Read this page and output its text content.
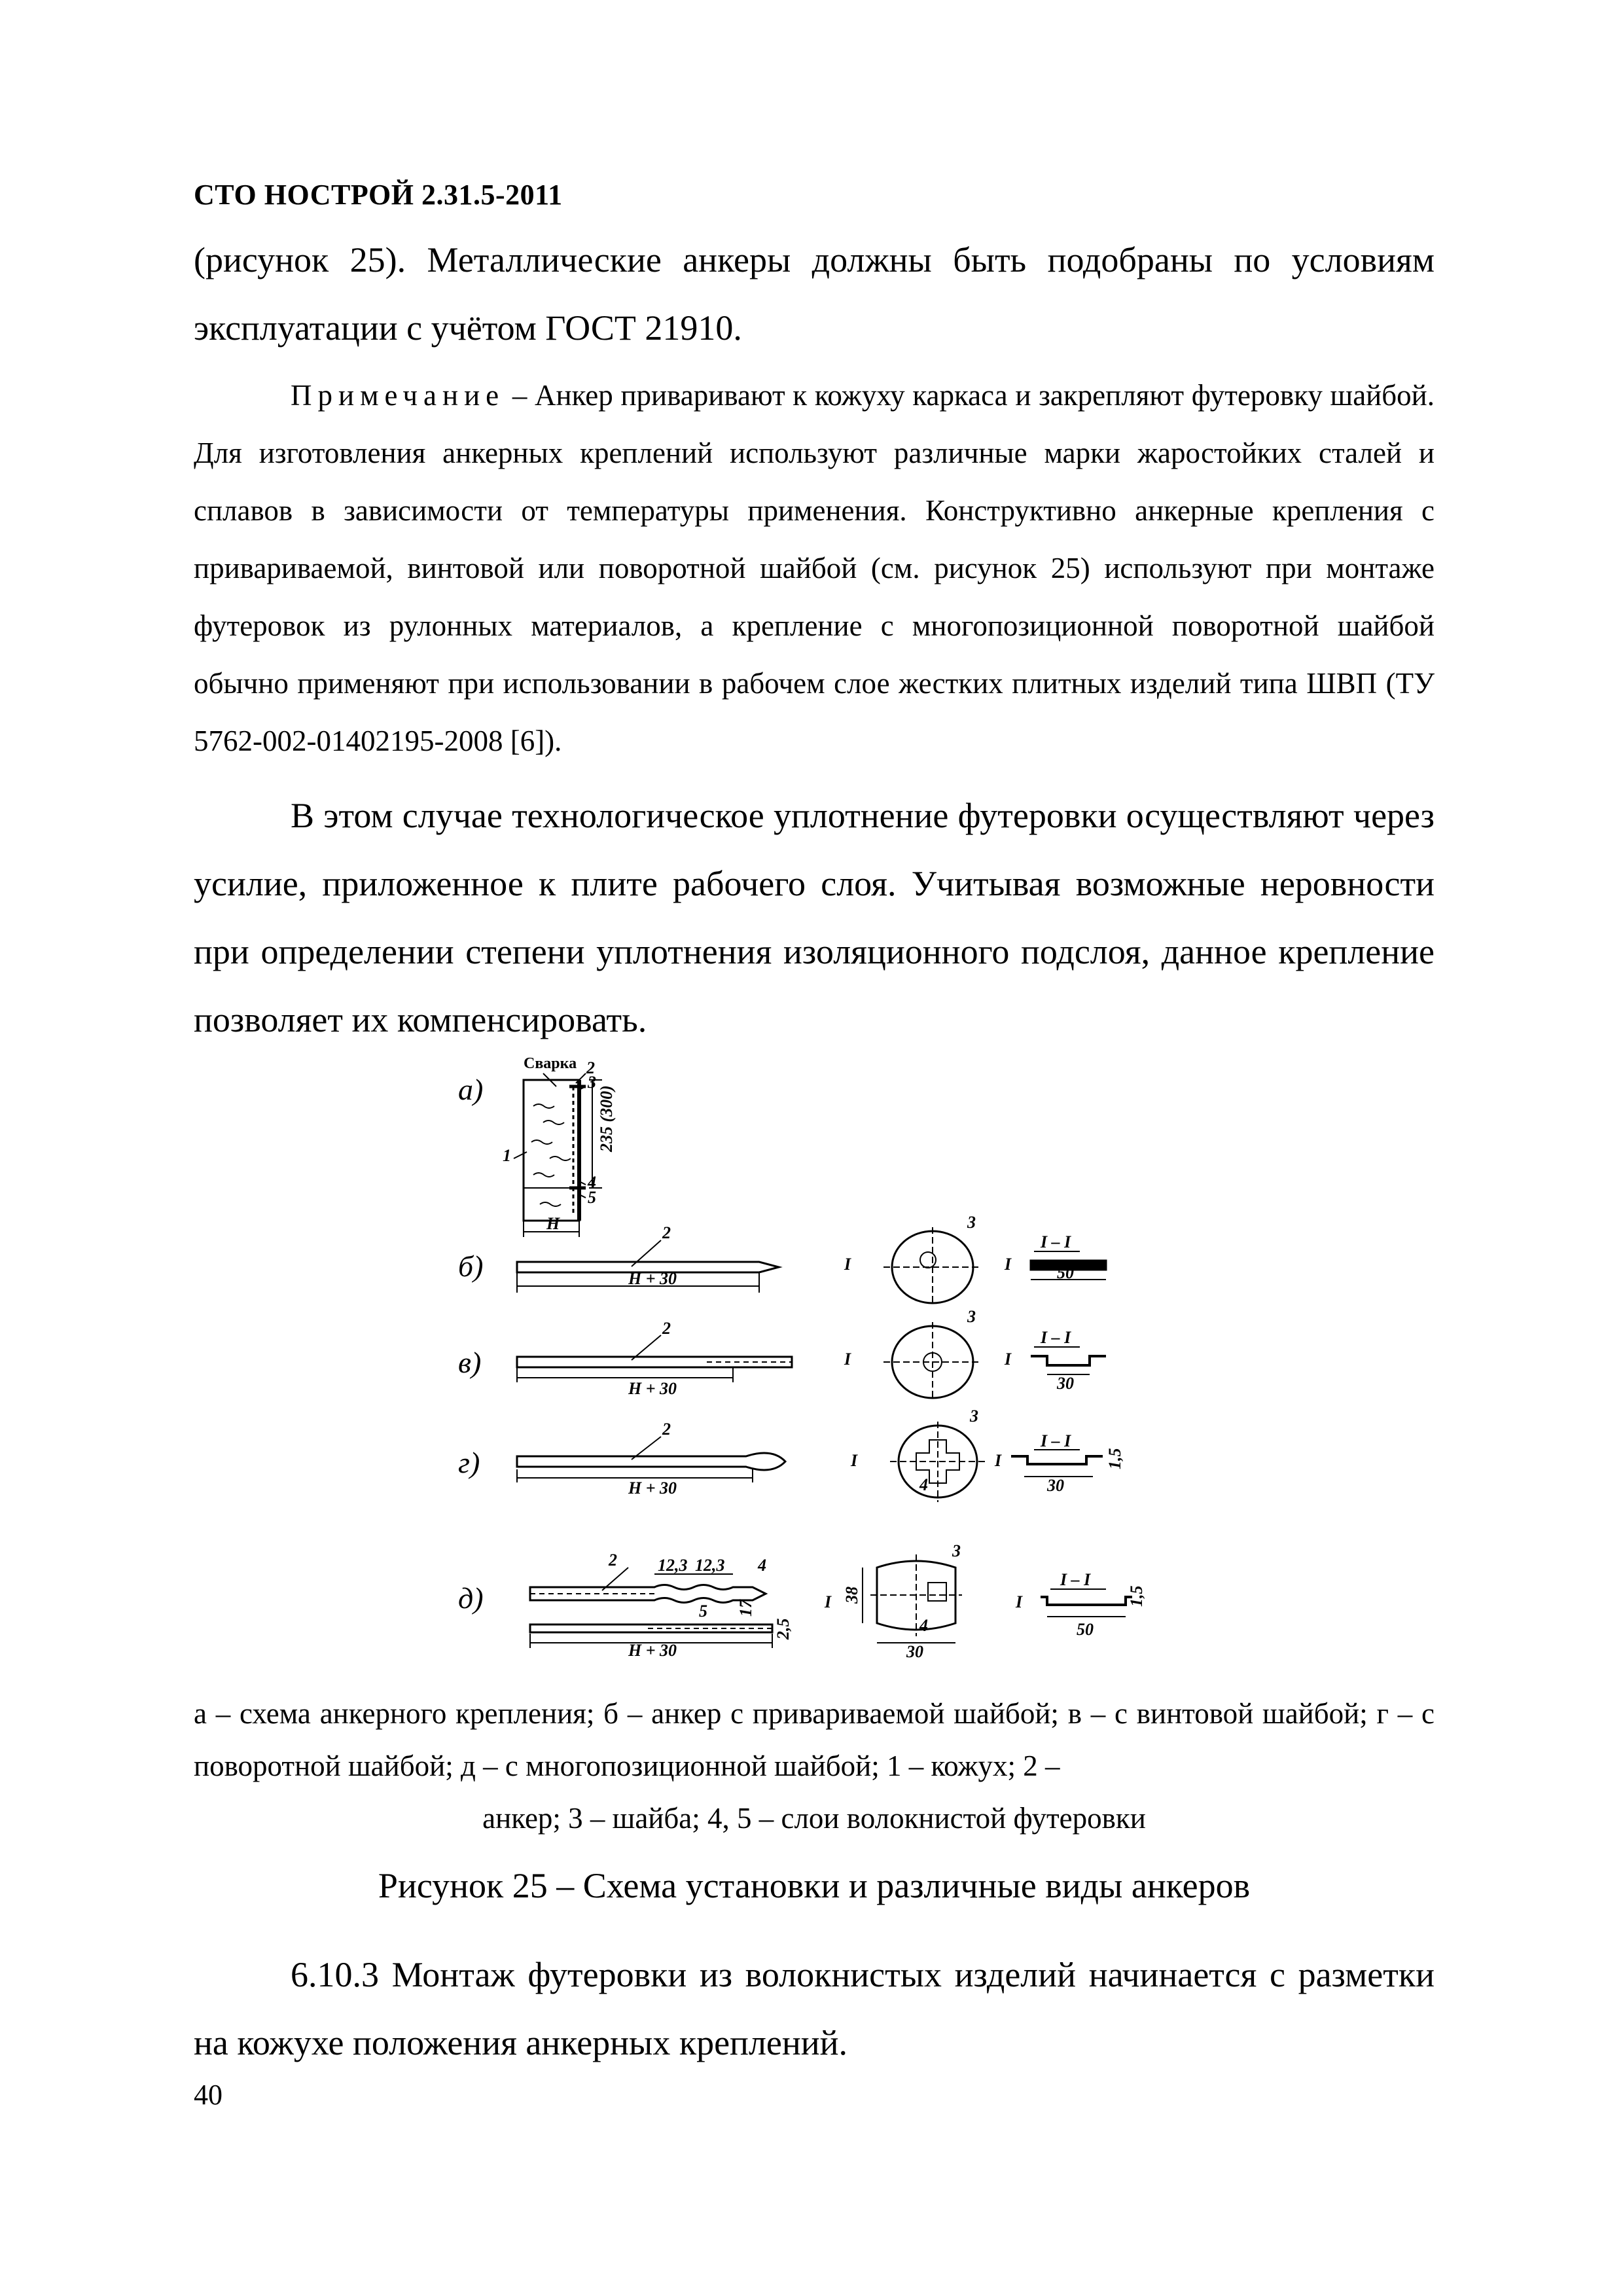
СТО НОСТРОЙ 2.31.5-2011
(рисунок 25). Металлические анкеры должны быть подобраны по условиям
эксплуатации с учётом ГОСТ 21910.
Примечание – Анкер приваривают к кожуху каркаса и закрепляют футеровку шайбой. Для изготовления анкерных креплений используют различные марки жаростойких сталей и сплавов в зависимости от температуры применения. Конструктивно анкерные крепления с привариваемой, винтовой или поворотной шайбой (см. рисунок 25) используют при монтаже футеровок из рулонных материалов, а крепление с многопозиционной поворотной шайбой обычно применяют при использовании в рабочем слое жестких плитных изделий типа ШВП (ТУ 5762-002-01402195-2008 [6]).
В этом случае технологическое уплотнение футеровки осуществляют через усилие, приложенное к плите рабочего слоя. Учитывая возможные неровности при определении степени уплотнения изоляционного подслоя, данное крепление позволяет их компенсировать.
а)
б)
в)
г)
д)
Сварка 2
3
1
4
5
H
235 (300)
2
H + 30
I	I
3
I – I
50
2
H + 30
I	I
3
I – I
30
2
H + 30
I	I
3
4
I – I
30
1,5
2 12,3 12,3 4
5
H + 30
17
2,5
I	I
3
4
38
30
I – I
50
1,5
а – схема анкерного крепления; б – анкер с привариваемой шайбой; в – с винтовой шайбой; г – с поворотной шайбой; д – с многопозиционной шайбой; 1 – кожух; 2 –
анкер; 3 – шайба; 4, 5 – слои волокнистой футеровки
Рисунок 25 – Схема установки и различные виды анкеров
6.10.3 Монтаж футеровки из волокнистых изделий начинается с разметки на кожухе положения анкерных креплений.
40
